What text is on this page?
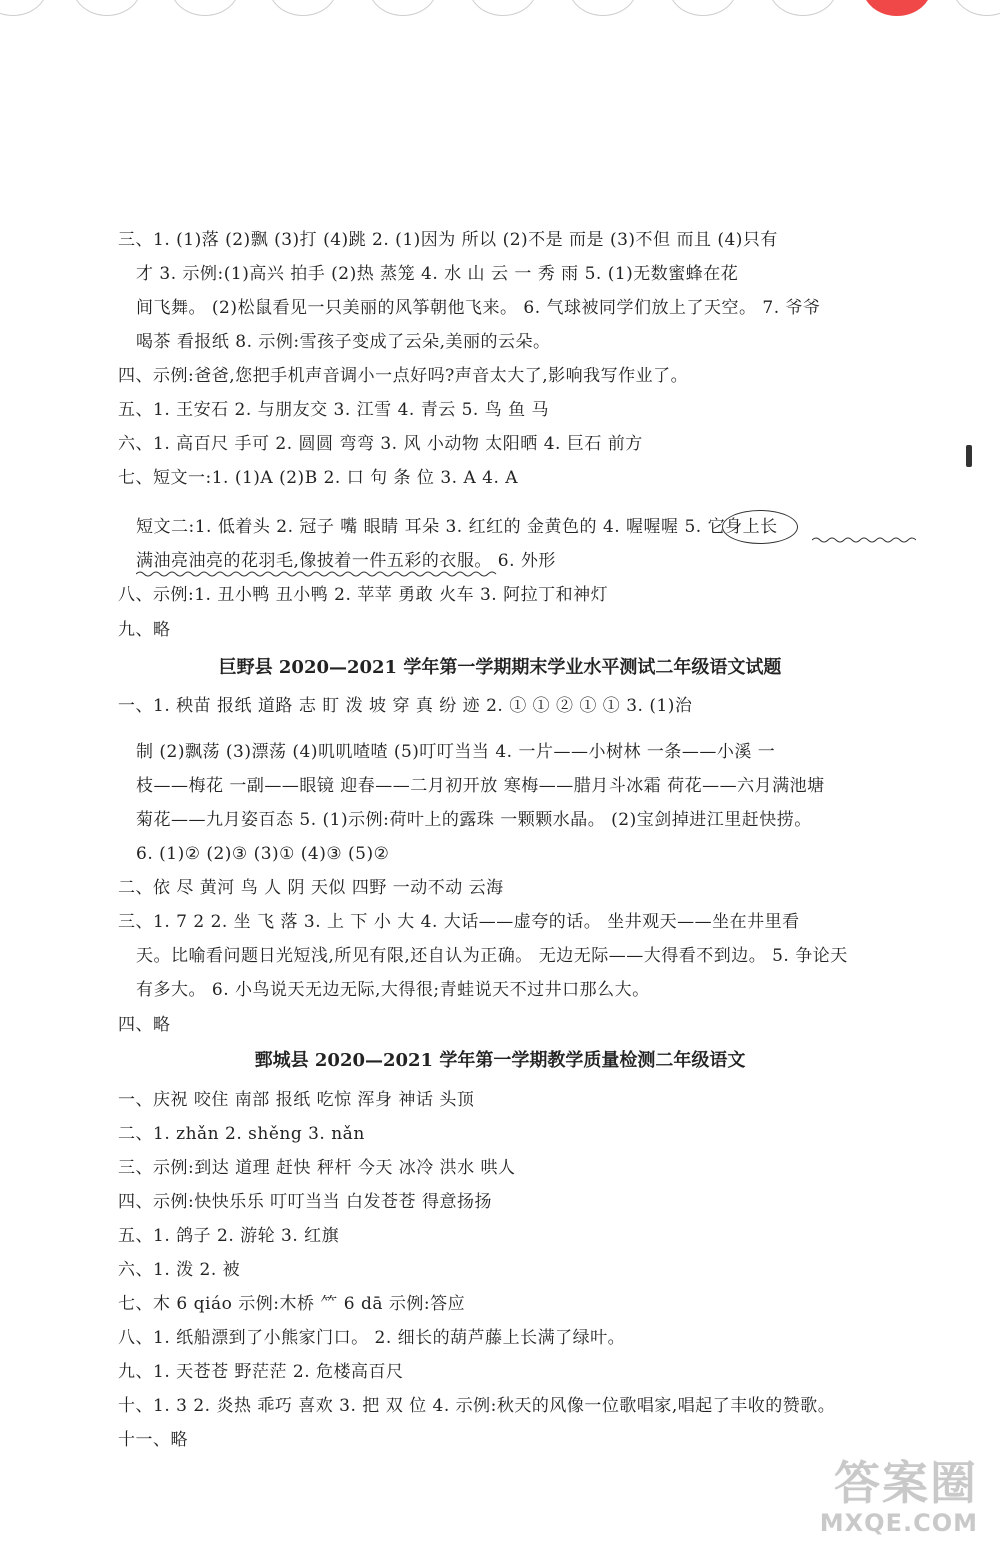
三、1. (1)落 (2)飘 (3)打 (4)跳 2. (1)因为 所以 (2)不是 而是 (3)不但 而且 (4)只有
才 3. 示例:(1)高兴 拍手 (2)热 蒸笼 4. 水 山 云 一 秀 雨 5. (1)无数蜜蜂在花
间飞舞。 (2)松鼠看见一只美丽的风筝朝他飞来。 6. 气球被同学们放上了天空。 7. 爷爷
喝茶 看报纸 8. 示例:雪孩子变成了云朵,美丽的云朵。
四、示例:爸爸,您把手机声音调小一点好吗?声音太大了,影响我写作业了。
五、1. 王安石 2. 与朋友交 3. 江雪 4. 青云 5. 鸟 鱼 马
六、1. 高百尺 手可 2. 圆圆 弯弯 3. 风 小动物 太阳晒 4. 巨石 前方
七、短文一:1. (1)A (2)B 2. 口 句 条 位 3. A 4. A
短文二:1. 低着头 2. 冠子 嘴 眼睛 耳朵 3. 红红的 金黄色的 4. 喔喔喔 5. 它身上长
满油亮油亮的花羽毛,像披着一件五彩的衣服。 6. 外形
八、示例:1. 丑小鸭 丑小鸭 2. 苹苹 勇敢 火车 3. 阿拉丁和神灯
九、略
巨野县 2020—2021 学年第一学期期末学业水平测试二年级语文试题
一、1. 秧苗 报纸 道路 志 盯 泼 坡 穿 真 纷 迹 2. ① ① ② ① ① 3. (1)治
制 (2)飘荡 (3)漂荡 (4)叽叽喳喳 (5)叮叮当当 4. 一片——小树林 一条——小溪 一
枝——梅花 一副——眼镜 迎春——二月初开放 寒梅——腊月斗冰霜 荷花——六月满池塘
菊花——九月姿百态 5. (1)示例:荷叶上的露珠 一颗颗水晶。 (2)宝剑掉进江里赶快捞。
6. (1)② (2)③ (3)① (4)③ (5)②
二、依 尽 黄河 鸟 人 阴 天似 四野 一动不动 云海
三、1. 7 2 2. 坐 飞 落 3. 上 下 小 大 4. 大话——虚夸的话。 坐井观天——坐在井里看
天。比喻看问题日光短浅,所见有限,还自认为正确。 无边无际——大得看不到边。 5. 争论天
有多大。 6. 小鸟说天无边无际,大得很;青蛙说天不过井口那么大。
四、略
鄄城县 2020—2021 学年第一学期教学质量检测二年级语文
一、庆祝 咬住 南部 报纸 吃惊 浑身 神话 头顶
二、1. zhǎn 2. shěng 3. nǎn
三、示例:到达 道理 赶快 秤杆 今天 冰冷 洪水 哄人
四、示例:快快乐乐 叮叮当当 白发苍苍 得意扬扬
五、1. 鸽子 2. 游轮 3. 红旗
六、1. 泼 2. 被
七、木 6 qiáo 示例:木桥 ⺮ 6 dā 示例:答应
八、1. 纸船漂到了小熊家门口。 2. 细长的葫芦藤上长满了绿叶。
九、1. 天苍苍 野茫茫 2. 危楼高百尺
十、1. 3 2. 炎热 乖巧 喜欢 3. 把 双 位 4. 示例:秋天的风像一位歌唱家,唱起了丰收的赞歌。
十一、略
答案圈
MXQE.COM
